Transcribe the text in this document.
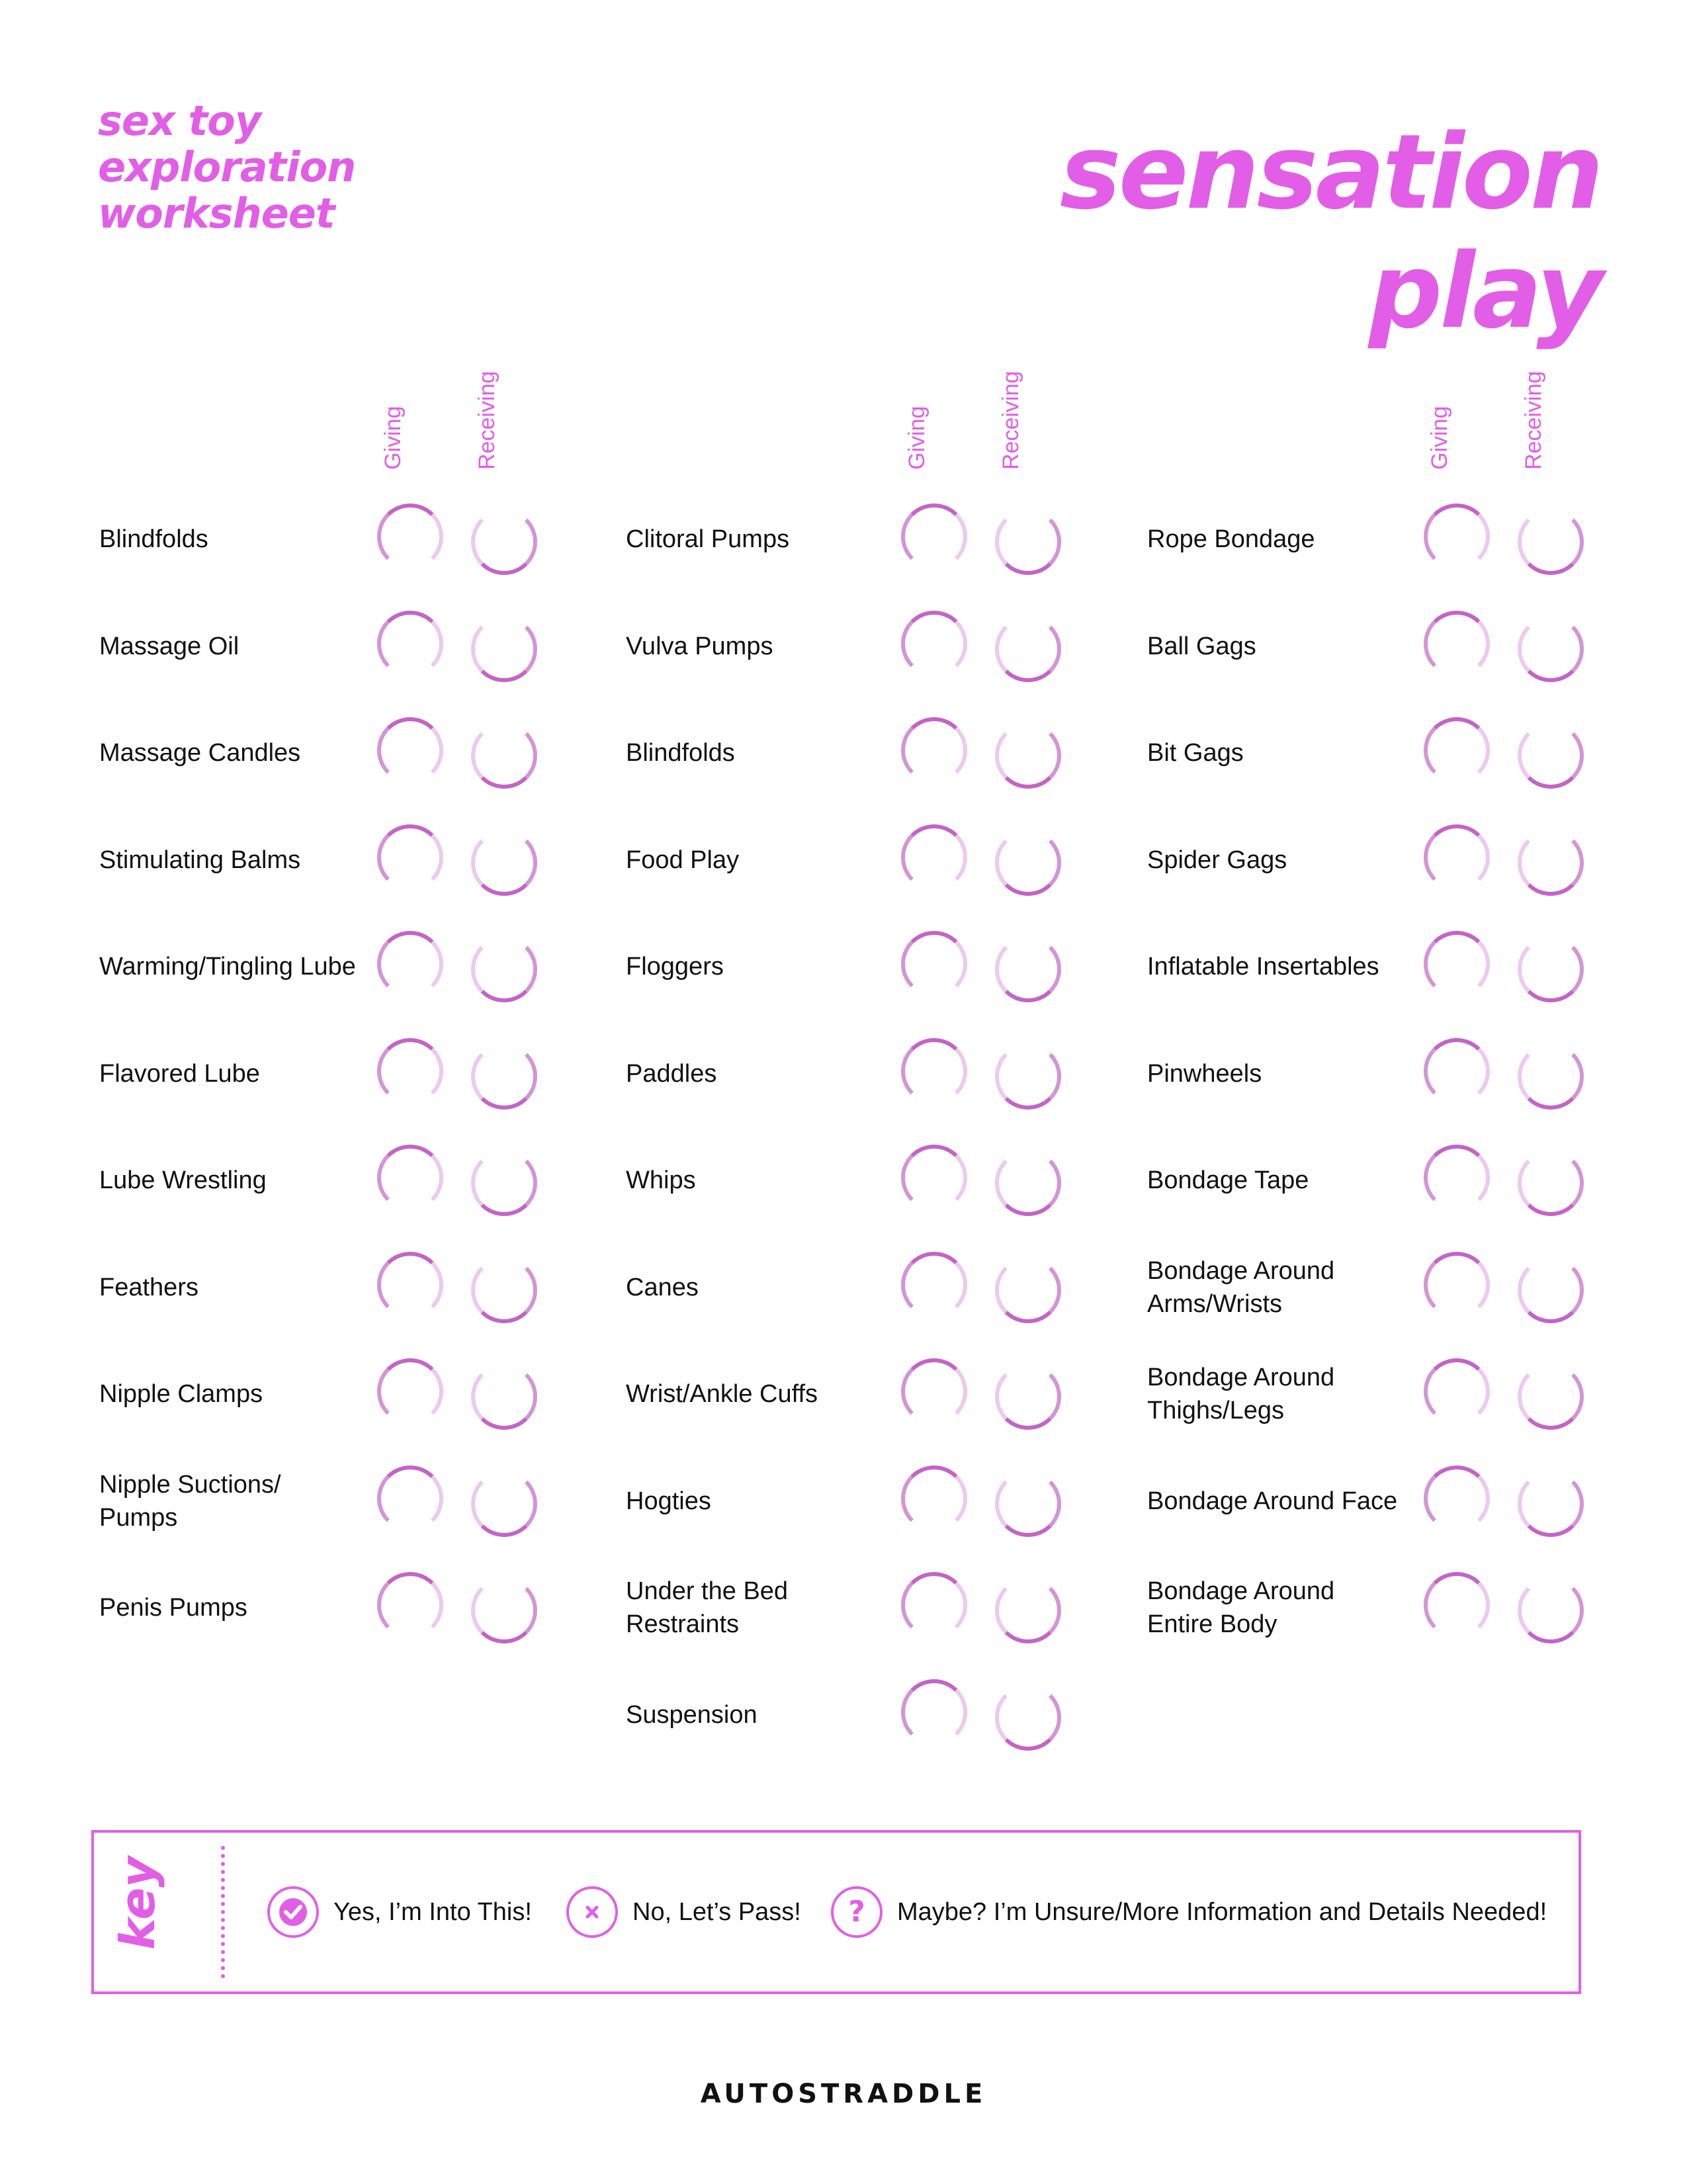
sex toy
exploration
worksheet	sensation play
Giving	Receiving
Blindfolds
Massage Oil
Massage Candles
Stimulating Balms
Warming/Tingling Lube
Flavored Lube
Lube Wrestling
Feathers
Nipple Clamps
Nipple Suctions/
Pumps
Penis Pumps
Giving	Receiving
Clitoral Pumps
Vulva Pumps
Blindfolds
Food Play
Floggers
Paddles
Whips
Canes
Wrist/Ankle Cuffs
Hogties
Under the Bed
Restraints
Suspension
Giving	Receiving
Rope Bondage
Ball Gags
Bit Gags
Spider Gags
Inflatable Insertables
Pinwheels
Bondage Tape
Bondage Around
Arms/Wrists
Bondage Around
Thighs/Legs
Bondage Around Face
Bondage Around
Entire Body
key	Yes, I’m Into This!	No, Let’s Pass! ? Maybe? I’m Unsure/More Information and Details Needed!
AUTOSTRADDLE
